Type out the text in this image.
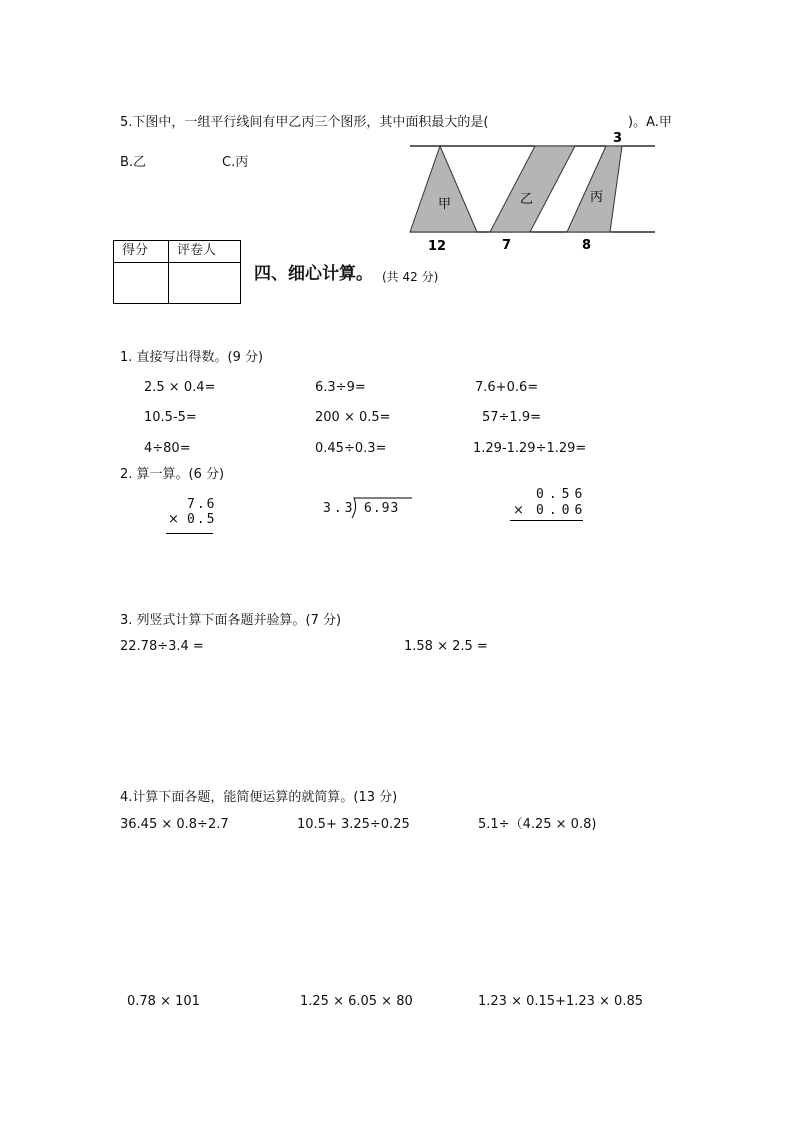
5.下图中，一组平行线间有甲乙丙三个图形，其中面积最大的是(	)。A.甲
B.乙	C.丙
甲	乙	丙
3
12	7	8
得分 评卷人
四、细心计算。 (共 42 分)
1. 直接写出得数。(9 分)
2.5 × 0.4=	6.3÷9=	7.6+0.6=
10.5-5=	200 × 0.5=	57÷1.9=
4÷80=	0.45÷0.3=	1.29-1.29÷1.29=
2. 算一算。(6 分)
7.6
× 0.5
3.3 6.93
0.56
× 0.06
3. 列竖式计算下面各题并验算。(7 分)
22.78÷3.4 =	1.58 × 2.5 =
4.计算下面各题，能简便运算的就简算。(13 分)
36.45 × 0.8÷2.7	10.5+ 3.25÷0.25	5.1÷（4.25 × 0.8)
0.78 × 101	1.25 × 6.05 × 80	1.23 × 0.15+1.23 × 0.85
